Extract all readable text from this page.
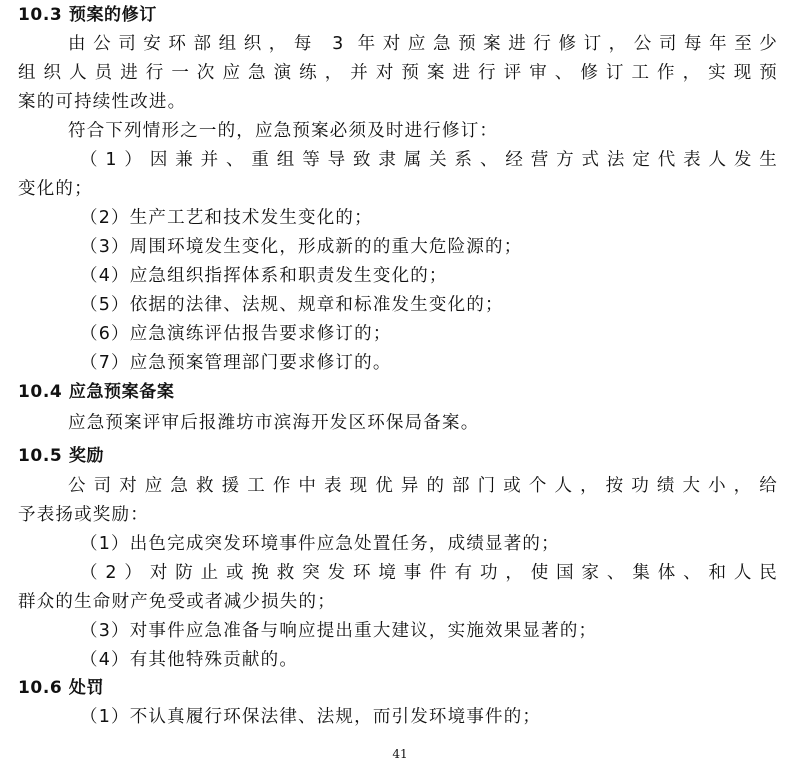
10.3 预案的修订
由公司安环部组织，每 3 年对应急预案进行修订，公司每年至少
组织人员进行一次应急演练，并对预案进行评审、修订工作，实现预
案的可持续性改进。
符合下列情形之一的，应急预案必须及时进行修订：
（1）因兼并、重组等导致隶属关系、经营方式法定代表人发生
变化的；
（2）生产工艺和技术发生变化的；
（3）周围环境发生变化，形成新的的重大危险源的；
（4）应急组织指挥体系和职责发生变化的；
（5）依据的法律、法规、规章和标准发生变化的；
（6）应急演练评估报告要求修订的；
（7）应急预案管理部门要求修订的。
10.4 应急预案备案
应急预案评审后报潍坊市滨海开发区环保局备案。
10.5 奖励
公司对应急救援工作中表现优异的部门或个人，按功绩大小，给
予表扬或奖励：
（1）出色完成突发环境事件应急处置任务，成绩显著的；
（2）对防止或挽救突发环境事件有功，使国家、集体、和人民
群众的生命财产免受或者减少损失的；
（3）对事件应急准备与响应提出重大建议，实施效果显著的；
（4）有其他特殊贡献的。
10.6 处罚
（1）不认真履行环保法律、法规，而引发环境事件的；
41
